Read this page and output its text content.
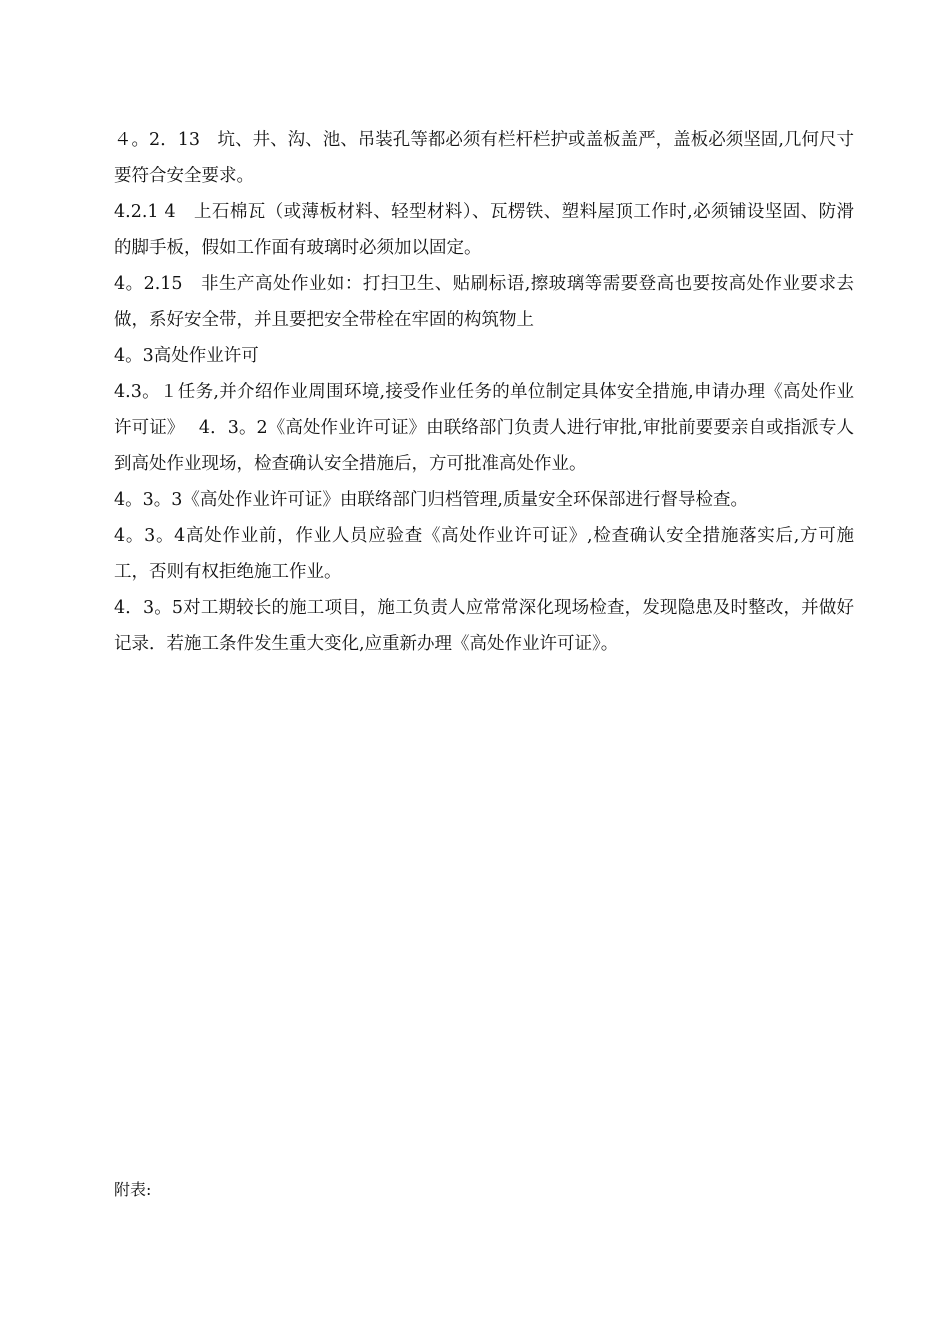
４。2．13　坑、井、沟、池、吊装孔等都必须有栏杆栏护或盖板盖严，盖板必须坚固,几何尺寸要符合安全要求。

4.2.1 4　上石棉瓦（或薄板材料、轻型材料）、瓦楞铁、塑料屋顶工作时,必须铺设坚固、防滑的脚手板，假如工作面有玻璃时必须加以固定。

4。2.15　非生产高处作业如：打扫卫生、贴刷标语,擦玻璃等需要登高也要按高处作业要求去做，系好安全带，并且要把安全带栓在牢固的构筑物上

4。3高处作业许可

4.3。１任务,并介绍作业周围环境,接受作业任务的单位制定具体安全措施,申请办理《高处作业许可证》　 4．3。2《高处作业许可证》由联络部门负责人进行审批,审批前要要亲自或指派专人到高处作业现场，检查确认安全措施后，方可批准高处作业。

4。3。3《高处作业许可证》由联络部门归档管理,质量安全环保部进行督导检查。

4。3。4高处作业前，作业人员应验查《高处作业许可证》,检查确认安全措施落实后,方可施工，否则有权拒绝施工作业。

4．3。5对工期较长的施工项目，施工负责人应常常深化现场检查，发现隐患及时整改，并做好记录．若施工条件发生重大变化,应重新办理《高处作业许可证》。

附表:
